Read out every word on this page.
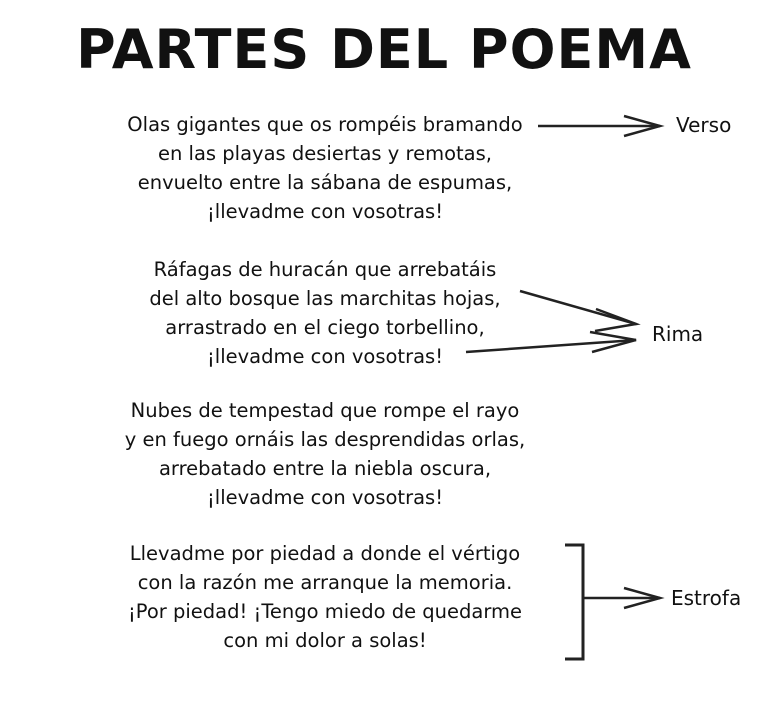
PARTES DEL POEMA
Olas gigantes que os rompéis bramando
en las playas desiertas y remotas,
envuelto entre la sábana de espumas,
¡llevadme con vosotras!
Ráfagas de huracán que arrebatáis
del alto bosque las marchitas hojas,
arrastrado en el ciego torbellino,
¡llevadme con vosotras!
Nubes de tempestad que rompe el rayo
y en fuego ornáis las desprendidas orlas,
arrebatado entre la niebla oscura,
¡llevadme con vosotras!
Llevadme por piedad a donde el vértigo
con la razón me arranque la memoria.
¡Por piedad! ¡Tengo miedo de quedarme
con mi dolor a solas!
Verso
Rima
Estrofa
